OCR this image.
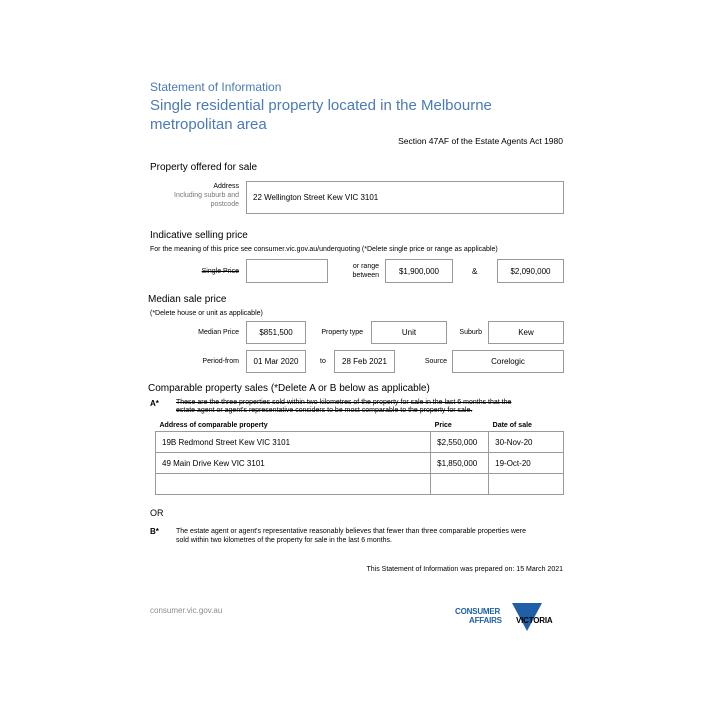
Statement of Information
Single residential property located in the Melbourne
metropolitan area
Section 47AF of the Estate Agents Act 1980
Property offered for sale
Address
Including suburb and
postcode
22 Wellington Street Kew VIC 3101
Indicative selling price
For the meaning of this price see consumer.vic.gov.au/underquoting (*Delete single price or range as applicable)
Single Price
or range
between	$1,900,000	&	$2,090,000
Median sale price
(*Delete house or unit as applicable)
Median Price	$851,500	Property type	Unit	Suburb	Kew
Period-from	01 Mar 2020	to	28 Feb 2021	Source	Corelogic
Comparable property sales (*Delete A or B below as applicable)
A* These are the three properties sold within two kilometres of the property for sale in the last 6 months that the
estate agent or agent's representative considers to be most comparable to the property for sale.
Address of comparable property	Price	Date of sale
19B Redmond Street Kew VIC 3101	$2,550,000	30-Nov-20
49 Main Drive Kew VIC 3101	$1,850,000	19-Oct-20

OR
B* The estate agent or agent's representative reasonably believes that fewer than three comparable properties were
sold within two kilometres of the property for sale in the last 6 months.
This Statement of Information was prepared on: 15 March 2021
consumer.vic.gov.au	CONSUMER
AFFAIRS VICTORIA
